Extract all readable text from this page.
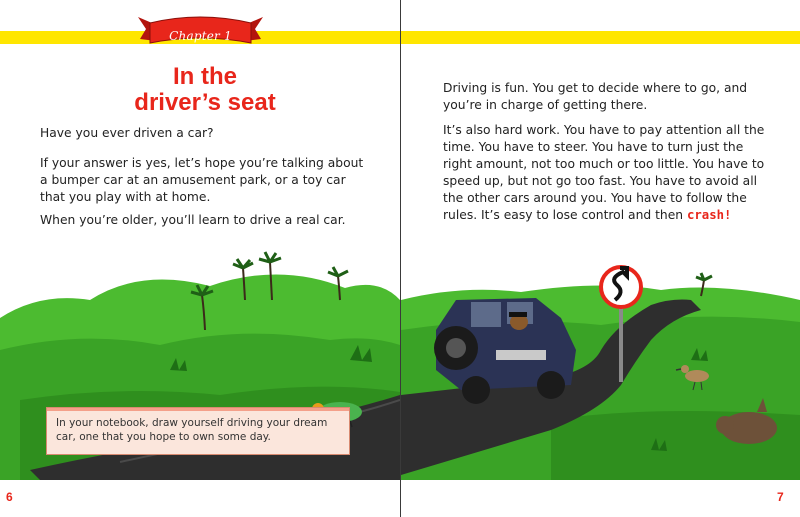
Chapter 1
In the
driver’s seat

Have you ever driven a car?

If your answer is yes, let’s hope you’re talking about a bumper car at an amusement park, or a toy car that you play with at home.

When you’re older, you’ll learn to drive a real car.

In your notebook, draw yourself driving your dream car, one that you hope to own some day.

6

Driving is fun. You get to decide where to go, and you’re in charge of getting there.

It’s also hard work. You have to pay attention all the time. You have to steer. You have to turn just the right amount, not too much or too little. You have to speed up, but not go too fast. You have to avoid all the other cars around you. You have to follow the rules. It’s easy to lose control and then crash!

7
